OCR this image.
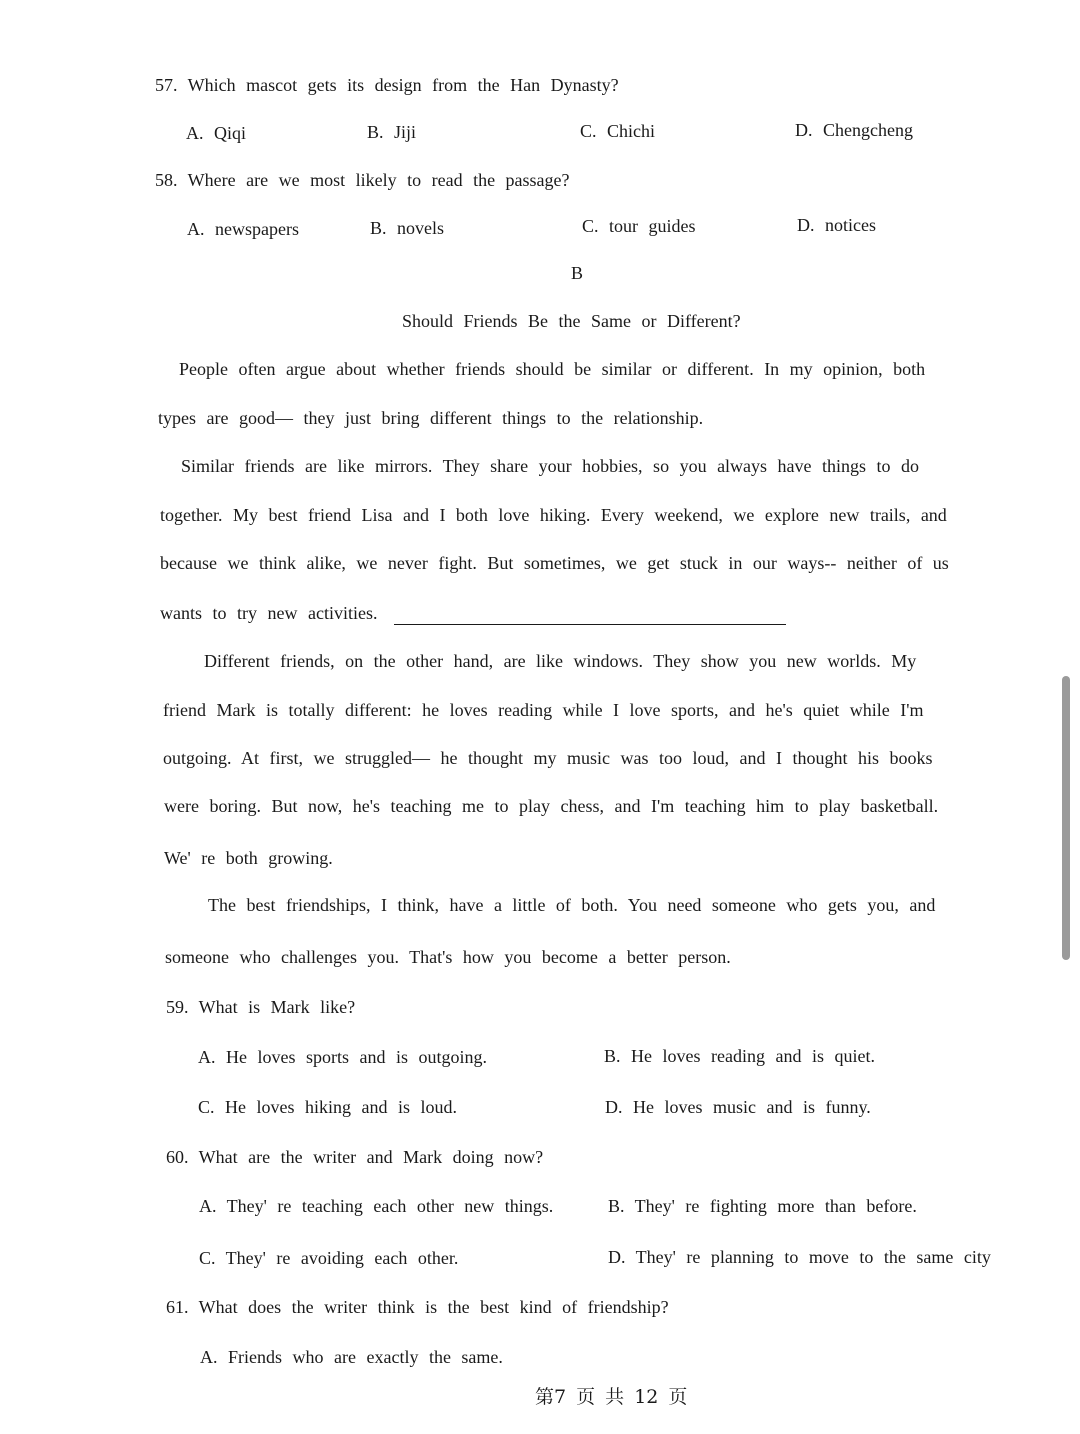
57. Which mascot gets its design from the Han Dynasty?
A. Qiqi	B. Jiji	C. Chichi	D. Chengcheng
58. Where are we most likely to read the passage?
A. newspapers	B. novels	C. tour guides	D. notices
B
Should Friends Be the Same or Different?
People often argue about whether friends should be similar or different. In my opinion, both
types are good— they just bring different things to the relationship.
Similar friends are like mirrors. They share your hobbies, so you always have things to do
together. My best friend Lisa and I both love hiking. Every weekend, we explore new trails, and
because we think alike, we never fight. But sometimes, we get stuck in our ways-- neither of us
wants to try new activities.
Different friends, on the other hand, are like windows. They show you new worlds. My
friend Mark is totally different: he loves reading while I love sports, and he's quiet while I'm
outgoing. At first, we struggled— he thought my music was too loud, and I thought his books
were boring. But now, he's teaching me to play chess, and I'm teaching him to play basketball.
We' re both growing.
The best friendships, I think, have a little of both. You need someone who gets you, and
someone who challenges you. That's how you become a better person.
59. What is Mark like?
A. He loves sports and is outgoing.	B. He loves reading and is quiet.
C. He loves hiking and is loud.	D. He loves music and is funny.
60. What are the writer and Mark doing now?
A. They' re teaching each other new things.	B. They' re fighting more than before.
C. They' re avoiding each other.	D. They' re planning to move to the same city
61. What does the writer think is the best kind of friendship?
A. Friends who are exactly the same.
第7 页 共 12 页
